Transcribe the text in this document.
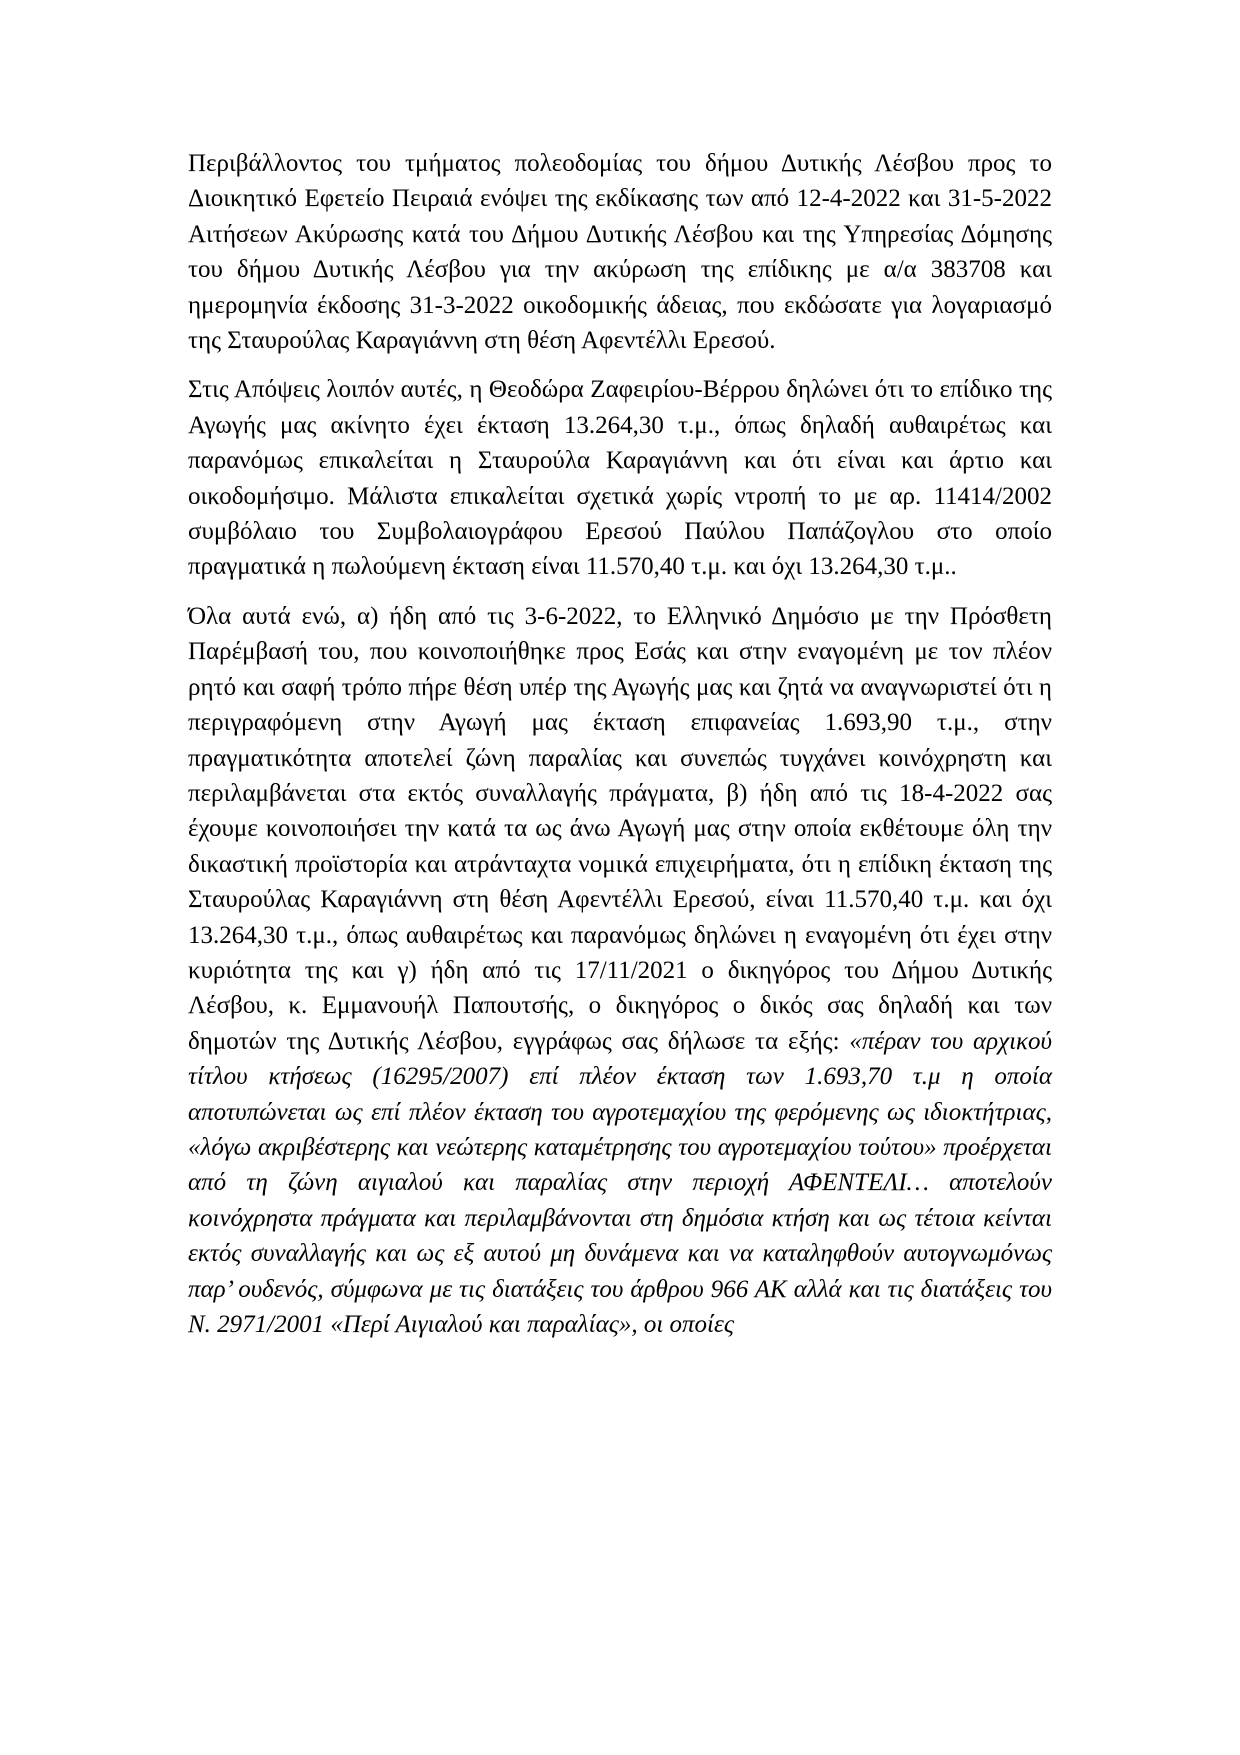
Περιβάλλοντος του τμήματος πολεοδομίας του δήμου Δυτικής Λέσβου προς το Διοικητικό Εφετείο Πειραιά ενόψει της εκδίκασης των από 12-4-2022 και 31-5-2022 Αιτήσεων Ακύρωσης κατά του Δήμου Δυτικής Λέσβου και της Υπηρεσίας Δόμησης του δήμου Δυτικής Λέσβου για την ακύρωση της επίδικης με α/α 383708 και ημερομηνία έκδοσης 31-3-2022 οικοδομικής άδειας, που εκδώσατε για λογαριασμό της Σταυρούλας Καραγιάννη στη θέση Αφεντέλλι Ερεσού.

Στις Απόψεις λοιπόν αυτές, η Θεοδώρα Ζαφειρίου-Βέρρου δηλώνει ότι το επίδικο της Αγωγής μας ακίνητο έχει έκταση 13.264,30 τ.μ., όπως δηλαδή αυθαιρέτως και παρανόμως επικαλείται η Σταυρούλα Καραγιάννη και ότι είναι και άρτιο και οικοδομήσιμο. Μάλιστα επικαλείται σχετικά χωρίς ντροπή το με αρ. 11414/2002 συμβόλαιο του Συμβολαιογράφου Ερεσού Παύλου Παπάζογλου στο οποίο πραγματικά η πωλούμενη έκταση είναι 11.570,40 τ.μ. και όχι 13.264,30 τ.μ..

Όλα αυτά ενώ, α) ήδη από τις 3-6-2022, το Ελληνικό Δημόσιο με την Πρόσθετη Παρέμβασή του, που κοινοποιήθηκε προς Εσάς και στην εναγομένη με τον πλέον ρητό και σαφή τρόπο πήρε θέση υπέρ της Αγωγής μας και ζητά να αναγνωριστεί ότι η περιγραφόμενη στην Αγωγή μας έκταση επιφανείας 1.693,90 τ.μ., στην πραγματικότητα αποτελεί ζώνη παραλίας και συνεπώς τυγχάνει κοινόχρηστη και περιλαμβάνεται στα εκτός συναλλαγής πράγματα, β) ήδη από τις 18-4-2022 σας έχουμε κοινοποιήσει την κατά τα ως άνω Αγωγή μας στην οποία εκθέτουμε όλη την δικαστική προϊστορία και ατράνταχτα νομικά επιχειρήματα, ότι η επίδικη έκταση της Σταυρούλας Καραγιάννη στη θέση Αφεντέλλι Ερεσού, είναι 11.570,40 τ.μ. και όχι 13.264,30 τ.μ., όπως αυθαιρέτως και παρανόμως δηλώνει η εναγομένη ότι έχει στην κυριότητα της και γ) ήδη από τις 17/11/2021 ο δικηγόρος του Δήμου Δυτικής Λέσβου, κ. Εμμανουήλ Παπουτσής, ο δικηγόρος ο δικός σας δηλαδή και των δημοτών της Δυτικής Λέσβου, εγγράφως σας δήλωσε τα εξής: «πέραν του αρχικού τίτλου κτήσεως (16295/2007) επί πλέον έκταση των 1.693,70 τ.μ η οποία αποτυπώνεται ως επί πλέον έκταση του αγροτεμαχίου της φερόμενης ως ιδιοκτήτριας, «λόγω ακριβέστερης και νεώτερης καταμέτρησης του αγροτεμαχίου τούτου» προέρχεται από τη ζώνη αιγιαλού και παραλίας στην περιοχή ΑΦΕΝΤΕΛΙ… αποτελούν κοινόχρηστα πράγματα και περιλαμβάνονται στη δημόσια κτήση και ως τέτοια κείνται εκτός συναλλαγής και ως εξ αυτού μη δυνάμενα και να καταληφθούν αυτογνωμόνως παρ’ ουδενός, σύμφωνα με τις διατάξεις του άρθρου 966 ΑΚ αλλά και τις διατάξεις του Ν. 2971/2001 «Περί Αιγιαλού και παραλίας», οι οποίες
